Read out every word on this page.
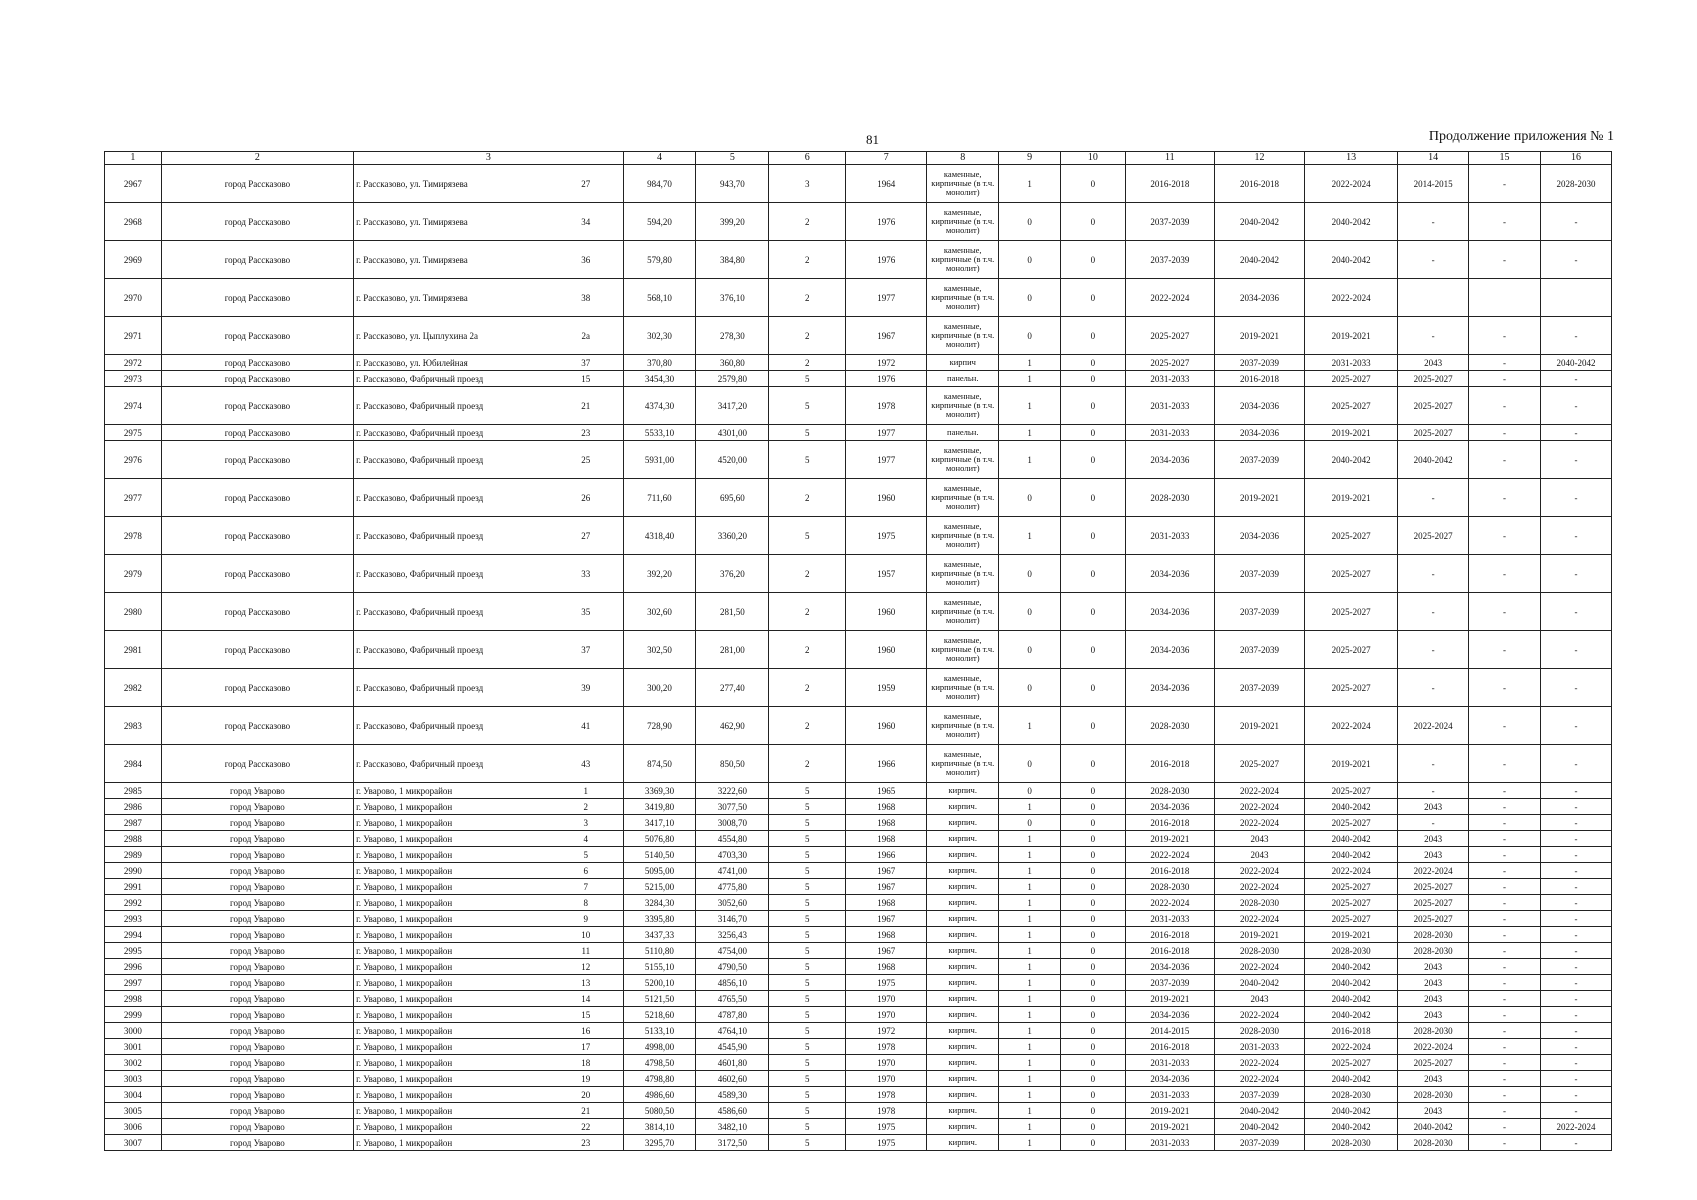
81	Продолжение приложения № 1
1	2	3		4	5	6	7	8	9	10	11	12	13	14	15	16
2967	город Рассказово	г. Рассказово, ул. Тимирязева	27	984,70	943,70	3	1964	каменные, кирпичные (в т.ч. монолит)	1	0	2016-2018	2016-2018	2022-2024	2014-2015	-	2028-2030
2968	город Рассказово	г. Рассказово, ул. Тимирязева	34	594,20	399,20	2	1976	каменные, кирпичные (в т.ч. монолит)	0	0	2037-2039	2040-2042	2040-2042	-	-	-
2969	город Рассказово	г. Рассказово, ул. Тимирязева	36	579,80	384,80	2	1976	каменные, кирпичные (в т.ч. монолит)	0	0	2037-2039	2040-2042	2040-2042	-	-	-
2970	город Рассказово	г. Рассказово, ул. Тимирязева	38	568,10	376,10	2	1977	каменные, кирпичные (в т.ч. монолит)	0	0	2022-2024	2034-2036	2022-2024			
2971	город Рассказово	г. Рассказово, ул. Цыплухина 2а	2а	302,30	278,30	2	1967	каменные, кирпичные (в т.ч. монолит)	0	0	2025-2027	2019-2021	2019-2021	-	-	-
2972	город Рассказово	г. Рассказово, ул. Юбилейная	37	370,80	360,80	2	1972	кирпич	1	0	2025-2027	2037-2039	2031-2033	2043	-	2040-2042
2973	город Рассказово	г. Рассказово, Фабричный проезд	15	3454,30	2579,80	5	1976	панельн.	1	0	2031-2033	2016-2018	2025-2027	2025-2027	-	-
2974	город Рассказово	г. Рассказово, Фабричный проезд	21	4374,30	3417,20	5	1978	каменные, кирпичные (в т.ч. монолит)	1	0	2031-2033	2034-2036	2025-2027	2025-2027	-	-
2975	город Рассказово	г. Рассказово, Фабричный проезд	23	5533,10	4301,00	5	1977	панельн.	1	0	2031-2033	2034-2036	2019-2021	2025-2027	-	-
2976	город Рассказово	г. Рассказово, Фабричный проезд	25	5931,00	4520,00	5	1977	каменные, кирпичные (в т.ч. монолит)	1	0	2034-2036	2037-2039	2040-2042	2040-2042	-	-
2977	город Рассказово	г. Рассказово, Фабричный проезд	26	711,60	695,60	2	1960	каменные, кирпичные (в т.ч. монолит)	0	0	2028-2030	2019-2021	2019-2021	-	-	-
2978	город Рассказово	г. Рассказово, Фабричный проезд	27	4318,40	3360,20	5	1975	каменные, кирпичные (в т.ч. монолит)	1	0	2031-2033	2034-2036	2025-2027	2025-2027	-	-
2979	город Рассказово	г. Рассказово, Фабричный проезд	33	392,20	376,20	2	1957	каменные, кирпичные (в т.ч. монолит)	0	0	2034-2036	2037-2039	2025-2027	-	-	-
2980	город Рассказово	г. Рассказово, Фабричный проезд	35	302,60	281,50	2	1960	каменные, кирпичные (в т.ч. монолит)	0	0	2034-2036	2037-2039	2025-2027	-	-	-
2981	город Рассказово	г. Рассказово, Фабричный проезд	37	302,50	281,00	2	1960	каменные, кирпичные (в т.ч. монолит)	0	0	2034-2036	2037-2039	2025-2027	-	-	-
2982	город Рассказово	г. Рассказово, Фабричный проезд	39	300,20	277,40	2	1959	каменные, кирпичные (в т.ч. монолит)	0	0	2034-2036	2037-2039	2025-2027	-	-	-
2983	город Рассказово	г. Рассказово, Фабричный проезд	41	728,90	462,90	2	1960	каменные, кирпичные (в т.ч. монолит)	1	0	2028-2030	2019-2021	2022-2024	2022-2024	-	-
2984	город Рассказово	г. Рассказово, Фабричный проезд	43	874,50	850,50	2	1966	каменные, кирпичные (в т.ч. монолит)	0	0	2016-2018	2025-2027	2019-2021	-	-	-
2985	город Уварово	г. Уварово, 1 микрорайон	1	3369,30	3222,60	5	1965	кирпич.	0	0	2028-2030	2022-2024	2025-2027	-	-	-
2986	город Уварово	г. Уварово, 1 микрорайон	2	3419,80	3077,50	5	1968	кирпич.	1	0	2034-2036	2022-2024	2040-2042	2043	-	-
2987	город Уварово	г. Уварово, 1 микрорайон	3	3417,10	3008,70	5	1968	кирпич.	0	0	2016-2018	2022-2024	2025-2027	-	-	-
2988	город Уварово	г. Уварово, 1 микрорайон	4	5076,80	4554,80	5	1968	кирпич.	1	0	2019-2021	2043	2040-2042	2043	-	-
2989	город Уварово	г. Уварово, 1 микрорайон	5	5140,50	4703,30	5	1966	кирпич.	1	0	2022-2024	2043	2040-2042	2043	-	-
2990	город Уварово	г. Уварово, 1 микрорайон	6	5095,00	4741,00	5	1967	кирпич.	1	0	2016-2018	2022-2024	2022-2024	2022-2024	-	-
2991	город Уварово	г. Уварово, 1 микрорайон	7	5215,00	4775,80	5	1967	кирпич.	1	0	2028-2030	2022-2024	2025-2027	2025-2027	-	-
2992	город Уварово	г. Уварово, 1 микрорайон	8	3284,30	3052,60	5	1968	кирпич.	1	0	2022-2024	2028-2030	2025-2027	2025-2027	-	-
2993	город Уварово	г. Уварово, 1 микрорайон	9	3395,80	3146,70	5	1967	кирпич.	1	0	2031-2033	2022-2024	2025-2027	2025-2027	-	-
2994	город Уварово	г. Уварово, 1 микрорайон	10	3437,33	3256,43	5	1968	кирпич.	1	0	2016-2018	2019-2021	2019-2021	2028-2030	-	-
2995	город Уварово	г. Уварово, 1 микрорайон	11	5110,80	4754,00	5	1967	кирпич.	1	0	2016-2018	2028-2030	2028-2030	2028-2030	-	-
2996	город Уварово	г. Уварово, 1 микрорайон	12	5155,10	4790,50	5	1968	кирпич.	1	0	2034-2036	2022-2024	2040-2042	2043	-	-
2997	город Уварово	г. Уварово, 1 микрорайон	13	5200,10	4856,10	5	1975	кирпич.	1	0	2037-2039	2040-2042	2040-2042	2043	-	-
2998	город Уварово	г. Уварово, 1 микрорайон	14	5121,50	4765,50	5	1970	кирпич.	1	0	2019-2021	2043	2040-2042	2043	-	-
2999	город Уварово	г. Уварово, 1 микрорайон	15	5218,60	4787,80	5	1970	кирпич.	1	0	2034-2036	2022-2024	2040-2042	2043	-	-
3000	город Уварово	г. Уварово, 1 микрорайон	16	5133,10	4764,10	5	1972	кирпич.	1	0	2014-2015	2028-2030	2016-2018	2028-2030	-	-
3001	город Уварово	г. Уварово, 1 микрорайон	17	4998,00	4545,90	5	1978	кирпич.	1	0	2016-2018	2031-2033	2022-2024	2022-2024	-	-
3002	город Уварово	г. Уварово, 1 микрорайон	18	4798,50	4601,80	5	1970	кирпич.	1	0	2031-2033	2022-2024	2025-2027	2025-2027	-	-
3003	город Уварово	г. Уварово, 1 микрорайон	19	4798,80	4602,60	5	1970	кирпич.	1	0	2034-2036	2022-2024	2040-2042	2043	-	-
3004	город Уварово	г. Уварово, 1 микрорайон	20	4986,60	4589,30	5	1978	кирпич.	1	0	2031-2033	2037-2039	2028-2030	2028-2030	-	-
3005	город Уварово	г. Уварово, 1 микрорайон	21	5080,50	4586,60	5	1978	кирпич.	1	0	2019-2021	2040-2042	2040-2042	2043	-	-
3006	город Уварово	г. Уварово, 1 микрорайон	22	3814,10	3482,10	5	1975	кирпич.	1	0	2019-2021	2040-2042	2040-2042	2040-2042	-	2022-2024
3007	город Уварово	г. Уварово, 1 микрорайон	23	3295,70	3172,50	5	1975	кирпич.	1	0	2031-2033	2037-2039	2028-2030	2028-2030	-	-
